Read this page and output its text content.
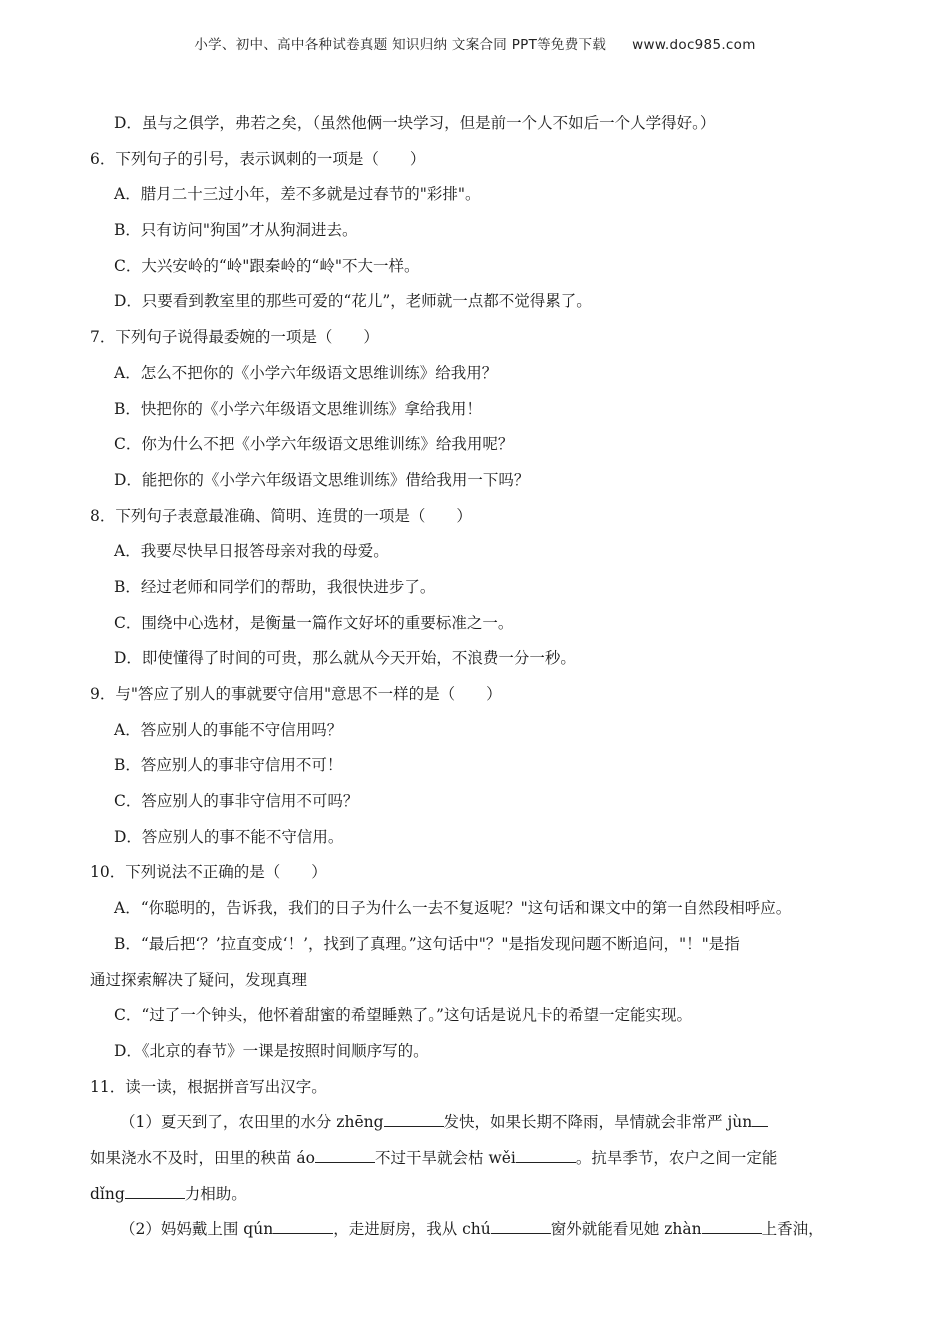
小学、初中、高中各种试卷真题 知识归纳 文案合同 PPT等免费下载 www.doc985.com
D．虽与之俱学，弗若之矣，（虽然他俩一块学习，但是前一个人不如后一个人学得好。）
6．下列句子的引号，表示讽刺的一项是（　　）
A．腊月二十三过小年，差不多就是过春节的"彩排"。
B．只有访问"狗国”才从狗洞进去。
C．大兴安岭的“岭"跟秦岭的“岭"不大一样。
D．只要看到教室里的那些可爱的“花儿”，老师就一点都不觉得累了。
7．下列句子说得最委婉的一项是（　　）
A．怎么不把你的《小学六年级语文思维训练》给我用？
B．快把你的《小学六年级语文思维训练》拿给我用！
C．你为什么不把《小学六年级语文思维训练》给我用呢？
D．能把你的《小学六年级语文思维训练》借给我用一下吗？
8．下列句子表意最准确、简明、连贯的一项是（　　）
A．我要尽快早日报答母亲对我的母爱。
B．经过老师和同学们的帮助，我很快进步了。
C．围绕中心选材，是衡量一篇作文好坏的重要标准之一。
D．即使懂得了时间的可贵，那么就从今天开始，不浪费一分一秒。
9．与"答应了别人的事就要守信用"意思不一样的是（　　）
A．答应别人的事能不守信用吗？
B．答应别人的事非守信用不可！
C．答应别人的事非守信用不可吗？
D．答应别人的事不能不守信用。
10．下列说法不正确的是（　　）
A．“你聪明的，告诉我，我们的日子为什么一去不复返呢？"这句话和课文中的第一自然段相呼应。
B．“最后把‘？’拉直变成‘！’，找到了真理。”这句话中"？"是指发现问题不断追问，"！"是指
通过探索解决了疑问，发现真理
C．“过了一个钟头，他怀着甜蜜的希望睡熟了。”这句话是说凡卡的希望一定能实现。
D．《北京的春节》一课是按照时间顺序写的。
11．读一读，根据拼音写出汉字。
（1）夏天到了，农田里的水分 zhēng	发快，如果长期不降雨，旱情就会非常严 jùn
如果浇水不及时，田里的秧苗 áo	不过干旱就会枯 wěi	。抗旱季节，农户之间一定能
dǐng	力相助。
（2）妈妈戴上围 qún	，走进厨房，我从 chú	窗外就能看见她 zhàn	上香油，
